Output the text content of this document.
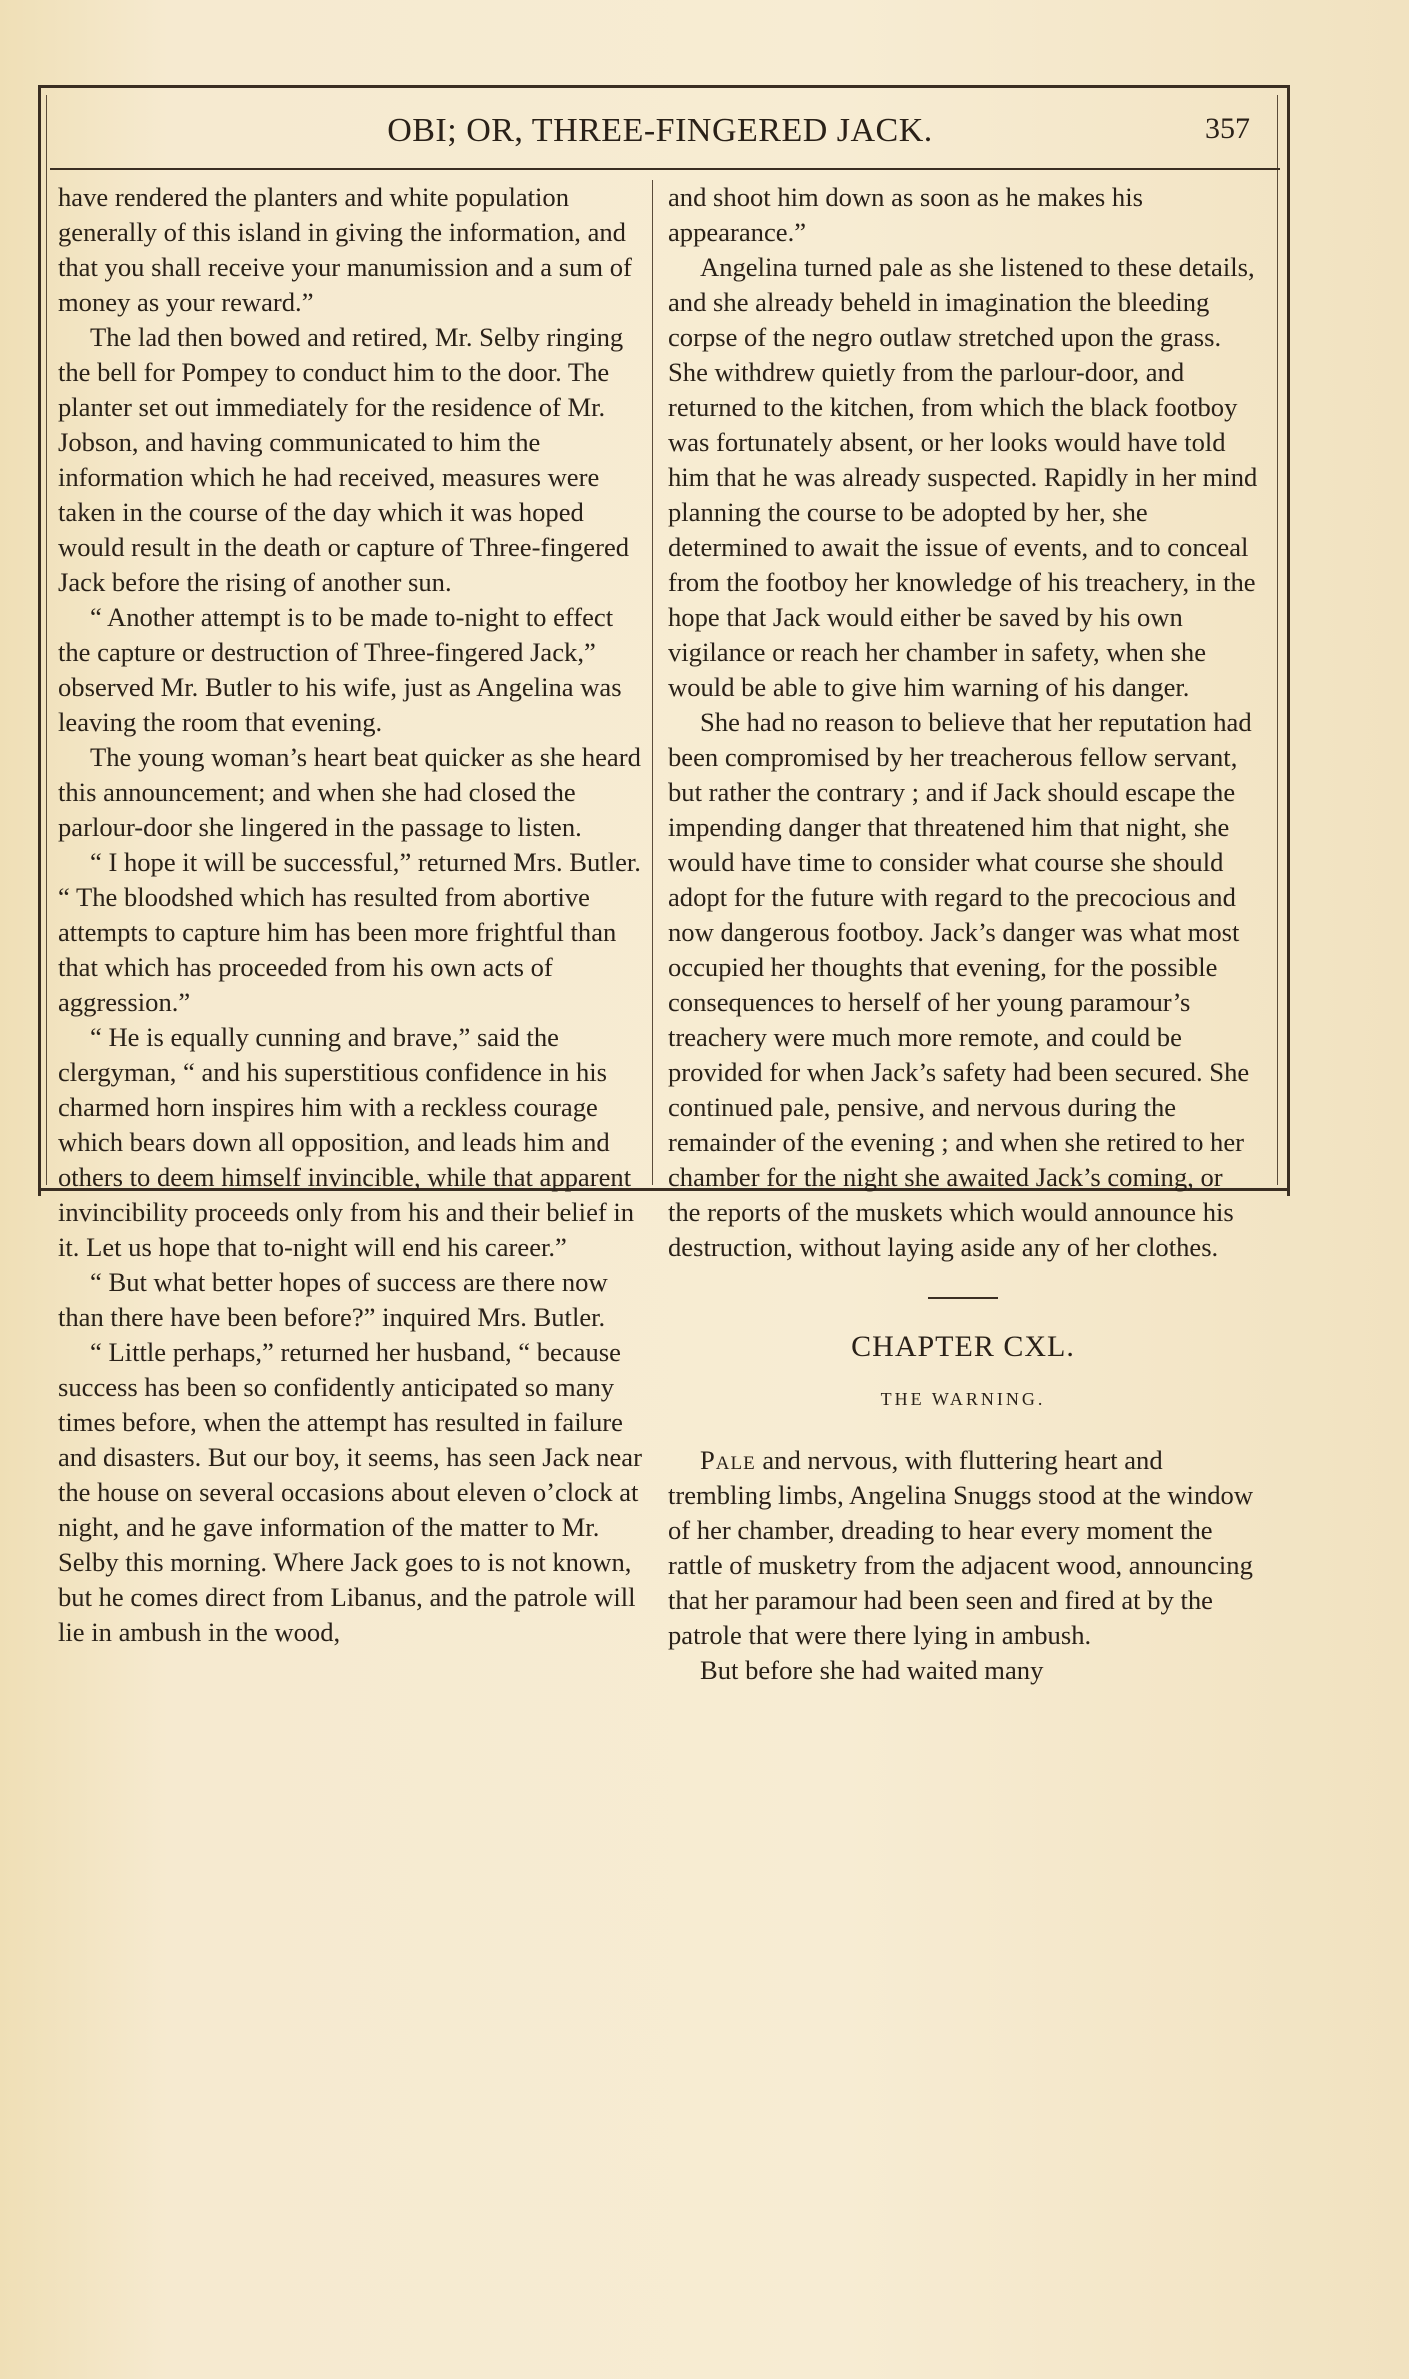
OBI; OR, THREE-FINGERED JACK.	357

have rendered the planters and white population generally of this island in giving the information, and that you shall receive your manumission and a sum of money as your reward.”

The lad then bowed and retired, Mr. Selby ringing the bell for Pompey to conduct him to the door. The planter set out immediately for the residence of Mr. Jobson, and having communicated to him the information which he had received, measures were taken in the course of the day which it was hoped would result in the death or capture of Three-fingered Jack before the rising of another sun.

“ Another attempt is to be made to-night to effect the capture or destruction of Three-fingered Jack,” observed Mr. Butler to his wife, just as Angelina was leaving the room that evening.

The young woman’s heart beat quicker as she heard this announcement; and when she had closed the parlour-door she lingered in the passage to listen.

“ I hope it will be successful,” returned Mrs. Butler. “ The bloodshed which has resulted from abortive attempts to capture him has been more frightful than that which has proceeded from his own acts of aggression.”

“ He is equally cunning and brave,” said the clergyman, “ and his superstitious confidence in his charmed horn inspires him with a reckless courage which bears down all opposition, and leads him and others to deem himself invincible, while that apparent invincibility proceeds only from his and their belief in it. Let us hope that to-night will end his career.”

“ But what better hopes of success are there now than there have been before?” inquired Mrs. Butler.

“ Little perhaps,” returned her husband, “ because success has been so confidently anticipated so many times before, when the attempt has resulted in failure and disasters. But our boy, it seems, has seen Jack near the house on several occasions about eleven o’clock at night, and he gave information of the matter to Mr. Selby this morning. Where Jack goes to is not known, but he comes direct from Libanus, and the patrole will lie in ambush in the wood,

and shoot him down as soon as he makes his appearance.”

Angelina turned pale as she listened to these details, and she already beheld in imagination the bleeding corpse of the negro outlaw stretched upon the grass. She withdrew quietly from the parlour-door, and returned to the kitchen, from which the black footboy was fortunately absent, or her looks would have told him that he was already suspected. Rapidly in her mind planning the course to be adopted by her, she determined to await the issue of events, and to conceal from the footboy her knowledge of his treachery, in the hope that Jack would either be saved by his own vigilance or reach her chamber in safety, when she would be able to give him warning of his danger.

She had no reason to believe that her reputation had been compromised by her treacherous fellow servant, but rather the contrary ; and if Jack should escape the impending danger that threatened him that night, she would have time to consider what course she should adopt for the future with regard to the precocious and now dangerous footboy. Jack’s danger was what most occupied her thoughts that evening, for the possible consequences to herself of her young paramour’s treachery were much more remote, and could be provided for when Jack’s safety had been secured. She continued pale, pensive, and nervous during the remainder of the evening ; and when she retired to her chamber for the night she awaited Jack’s coming, or the reports of the muskets which would announce his destruction, without laying aside any of her clothes.

CHAPTER CXL.
THE WARNING.

Pale and nervous, with fluttering heart and trembling limbs, Angelina Snuggs stood at the window of her chamber, dreading to hear every moment the rattle of musketry from the adjacent wood, announcing that her paramour had been seen and fired at by the patrole that were there lying in ambush.

But before she had waited many
